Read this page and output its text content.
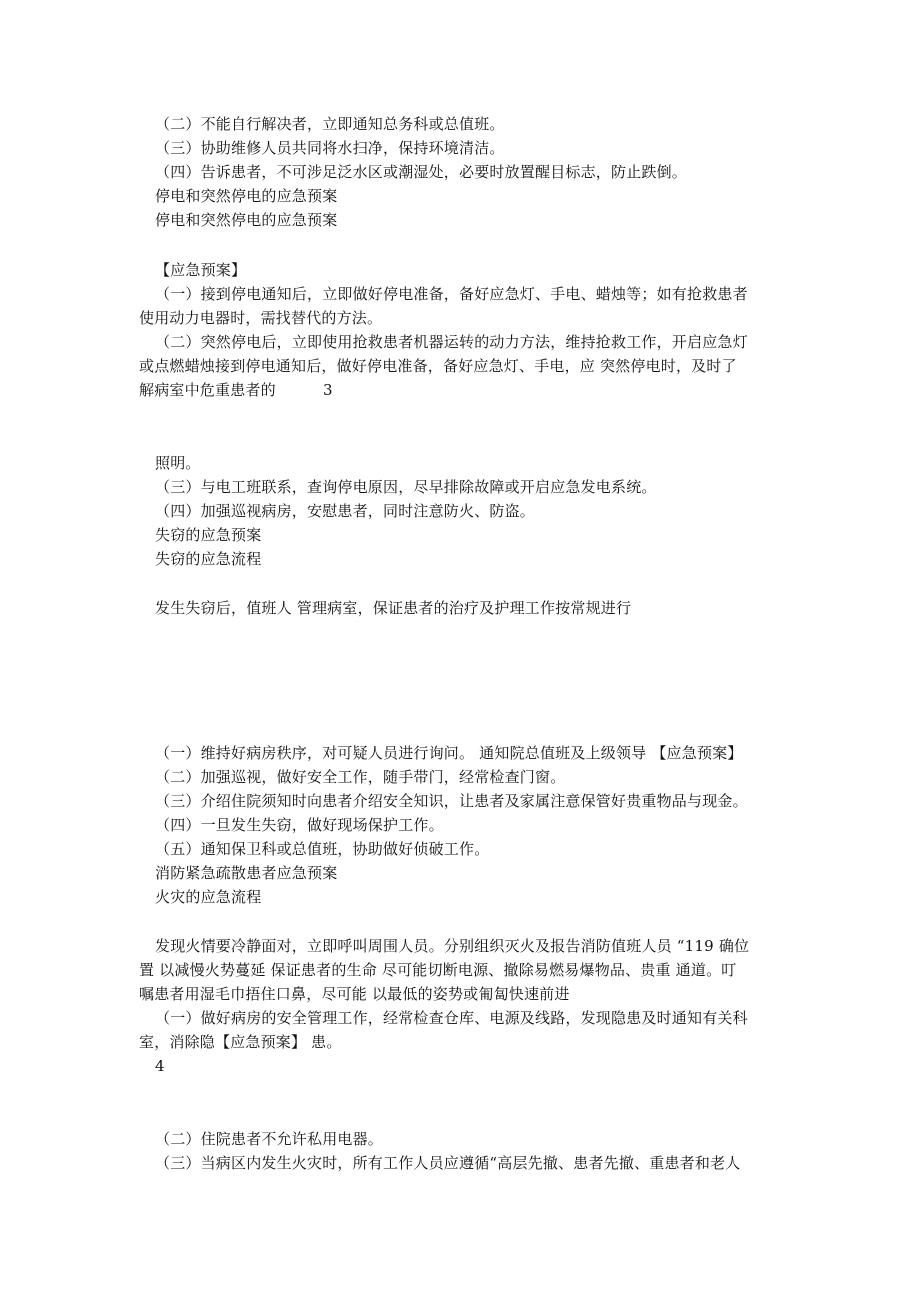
（二）不能自行解决者，立即通知总务科或总值班。
（三）协助维修人员共同将水扫净，保持环境清洁。
（四）告诉患者，不可涉足泛水区或潮湿处，必要时放置醒目标志，防止跌倒。
停电和突然停电的应急预案
停电和突然停电的应急预案
【应急预案】
（一）接到停电通知后，立即做好停电准备，备好应急灯、手电、蜡烛等；如有抢救患者
使用动力电器时，需找替代的方法。
（二）突然停电后，立即使用抢救患者机器运转的动力方法，维持抢救工作，开启应急灯
或点燃蜡烛接到停电通知后，做好停电准备，备好应急灯、手电，应 突然停电时，及时了
解病室中危重患者的	3
照明。
（三）与电工班联系，查询停电原因，尽早排除故障或开启应急发电系统。
（四）加强巡视病房，安慰患者，同时注意防火、防盗。
失窃的应急预案
失窃的应急流程
发生失窃后，值班人 管理病室，保证患者的治疗及护理工作按常规进行
（一）维持好病房秩序，对可疑人员进行询问。 通知院总值班及上级领导 【应急预案】
（二）加强巡视，做好安全工作，随手带门，经常检查门窗。
（三）介绍住院须知时向患者介绍安全知识，让患者及家属注意保管好贵重物品与现金。
（四）一旦发生失窃，做好现场保护工作。
（五）通知保卫科或总值班，协助做好侦破工作。
消防紧急疏散患者应急预案
火灾的应急流程
发现火情要冷静面对，立即呼叫周围人员。分别组织灭火及报告消防值班人员 “119 确位
置 以减慢火势蔓延 保证患者的生命 尽可能切断电源、撤除易燃易爆物品、贵重 通道。叮
嘱患者用湿毛巾捂住口鼻，尽可能 以最低的姿势或匍匐快速前进
（一）做好病房的安全管理工作，经常检查仓库、电源及线路，发现隐患及时通知有关科
室，消除隐【应急预案】 患。
4
（二）住院患者不允许私用电器。
（三）当病区内发生火灾时，所有工作人员应遵循“高层先撤、患者先撤、重患者和老人
